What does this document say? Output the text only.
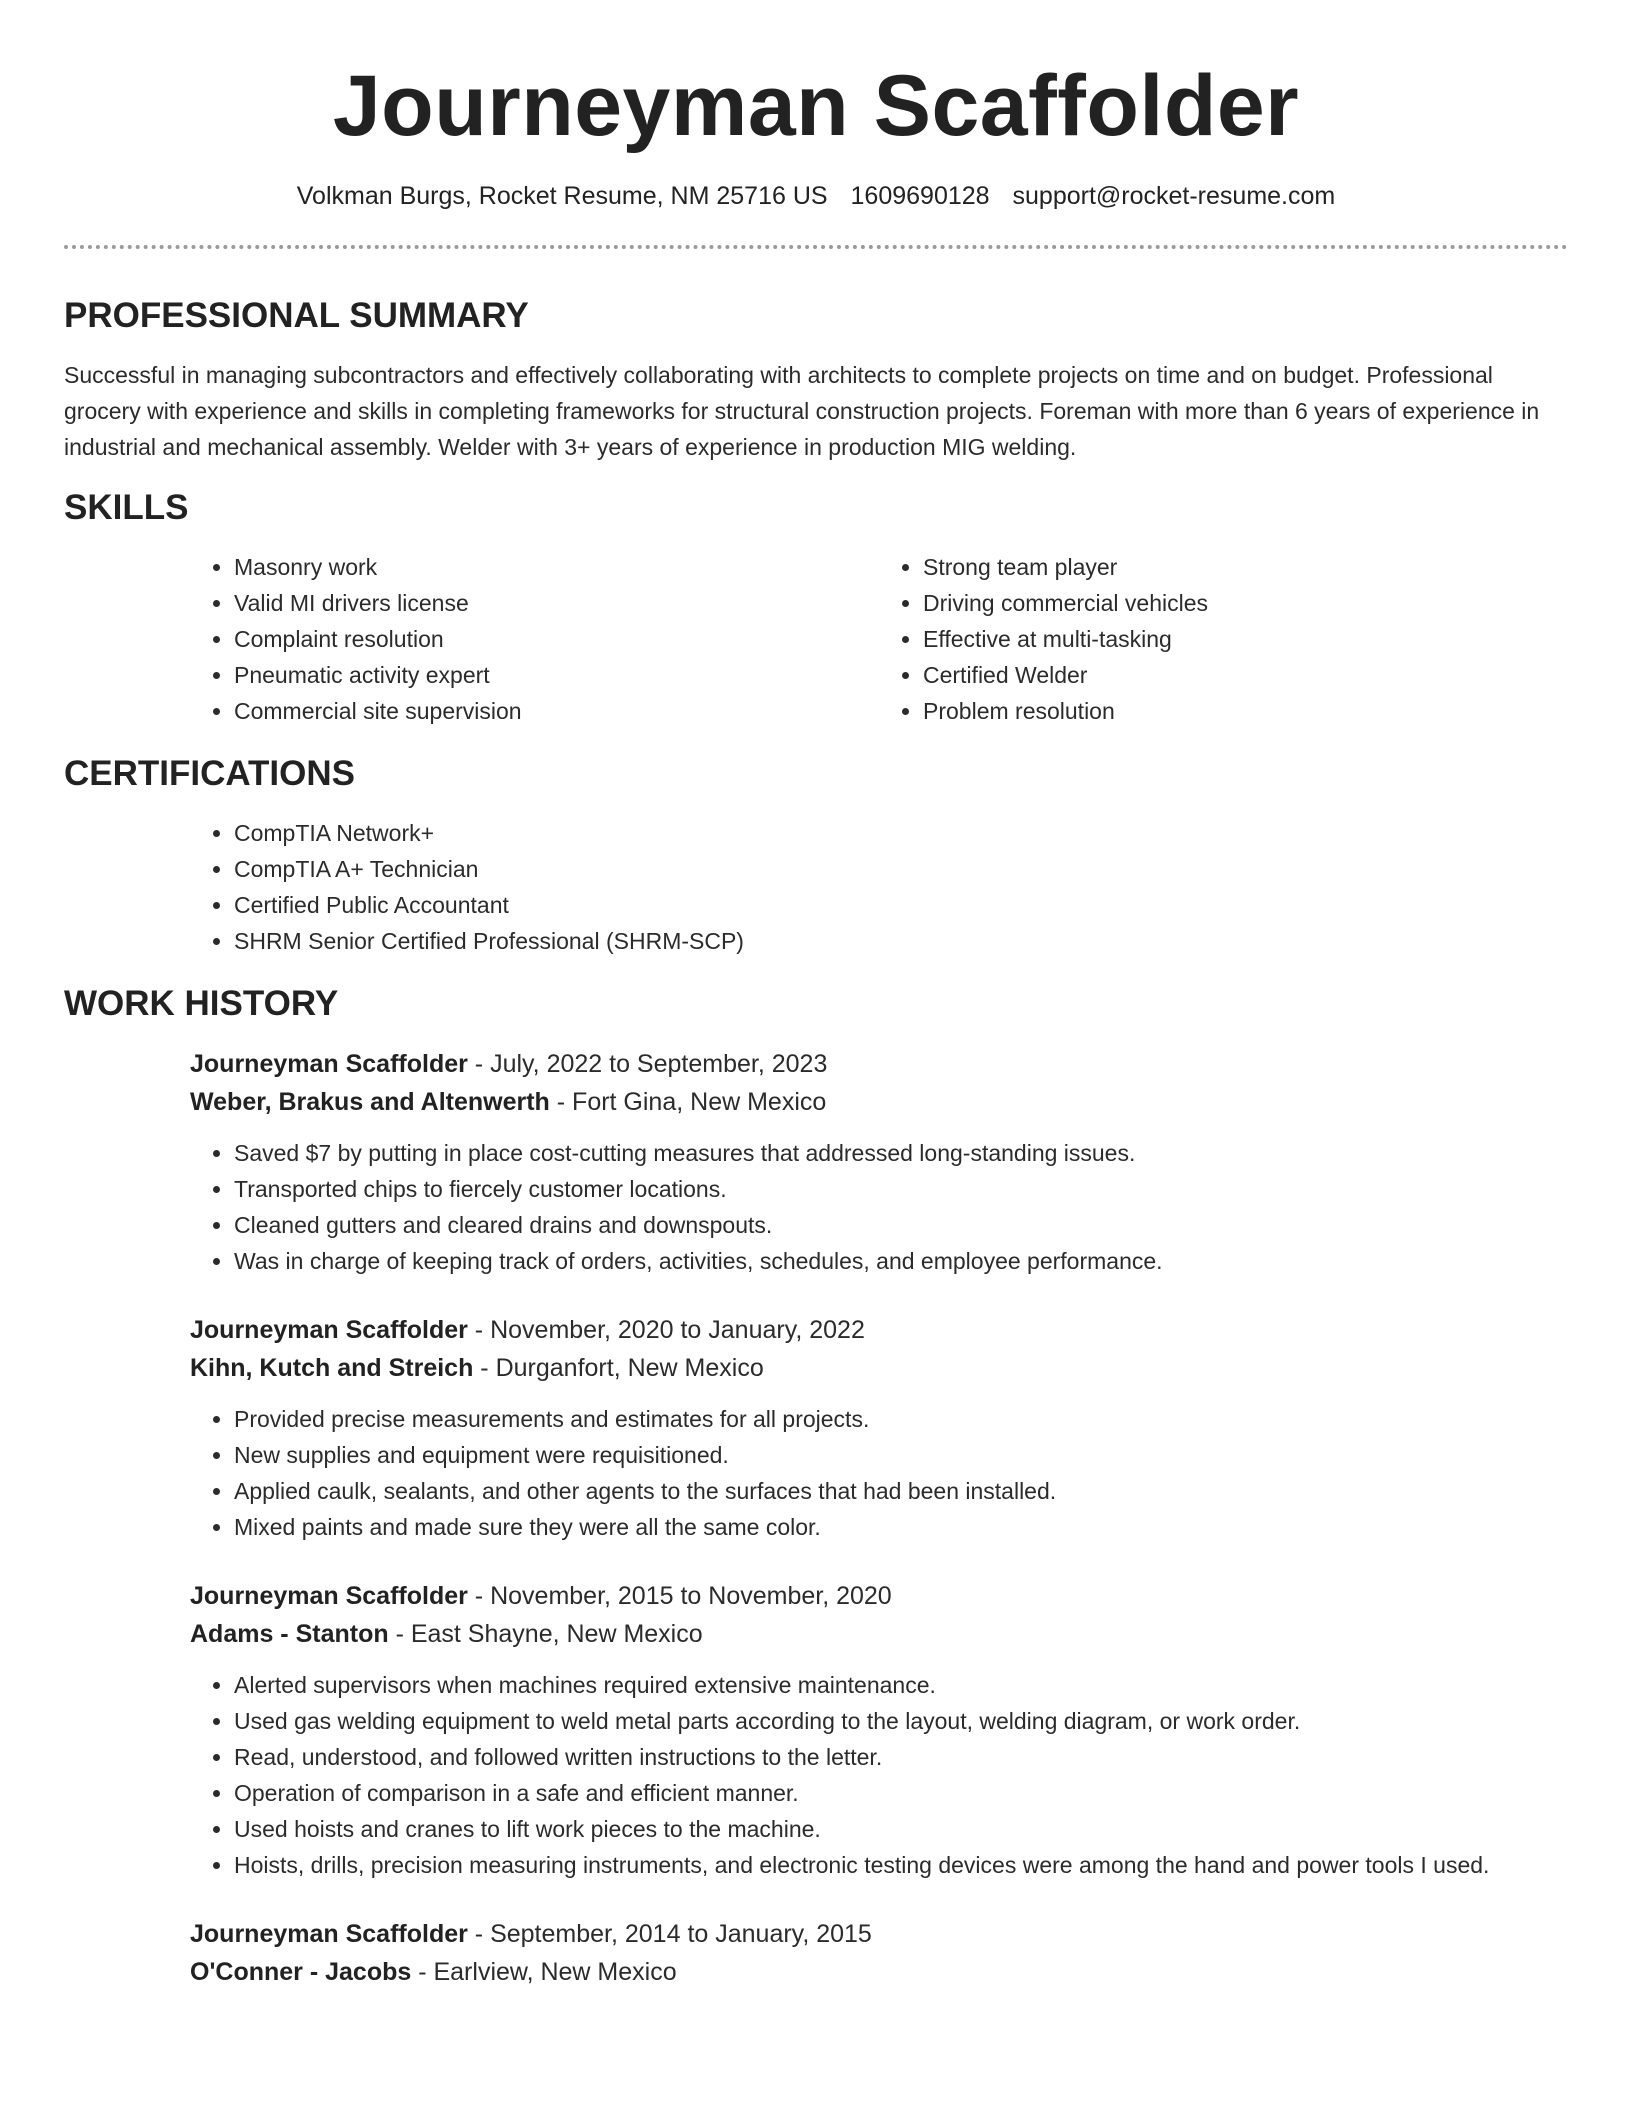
Journeyman Scaffolder
Volkman Burgs, Rocket Resume, NM 25716 US 1609690128 support@rocket-resume.com
PROFESSIONAL SUMMARY

Successful in managing subcontractors and effectively collaborating with architects to complete projects on time and on budget. Professional grocery with experience and skills in completing frameworks for structural construction projects. Foreman with more than 6 years of experience in industrial and mechanical assembly. Welder with 3+ years of experience in production MIG welding.

SKILLS
• Masonry work
• Valid MI drivers license
• Complaint resolution
• Pneumatic activity expert
• Commercial site supervision
• Strong team player
• Driving commercial vehicles
• Effective at multi-tasking
• Certified Welder
• Problem resolution
CERTIFICATIONS
• CompTIA Network+
• CompTIA A+ Technician
• Certified Public Accountant
• SHRM Senior Certified Professional (SHRM-SCP)
WORK HISTORY
Journeyman Scaffolder - July, 2022 to September, 2023
Weber, Brakus and Altenwerth - Fort Gina, New Mexico
• Saved $7 by putting in place cost-cutting measures that addressed long-standing issues.
• Transported chips to fiercely customer locations.
• Cleaned gutters and cleared drains and downspouts.
• Was in charge of keeping track of orders, activities, schedules, and employee performance.
Journeyman Scaffolder - November, 2020 to January, 2022
Kihn, Kutch and Streich - Durganfort, New Mexico
• Provided precise measurements and estimates for all projects.
• New supplies and equipment were requisitioned.
• Applied caulk, sealants, and other agents to the surfaces that had been installed.
• Mixed paints and made sure they were all the same color.
Journeyman Scaffolder - November, 2015 to November, 2020
Adams - Stanton - East Shayne, New Mexico
• Alerted supervisors when machines required extensive maintenance.
• Used gas welding equipment to weld metal parts according to the layout, welding diagram, or work order.
• Read, understood, and followed written instructions to the letter.
• Operation of comparison in a safe and efficient manner.
• Used hoists and cranes to lift work pieces to the machine.
• Hoists, drills, precision measuring instruments, and electronic testing devices were among the hand and power tools I used.
Journeyman Scaffolder - September, 2014 to January, 2015
O'Conner - Jacobs - Earlview, New Mexico
